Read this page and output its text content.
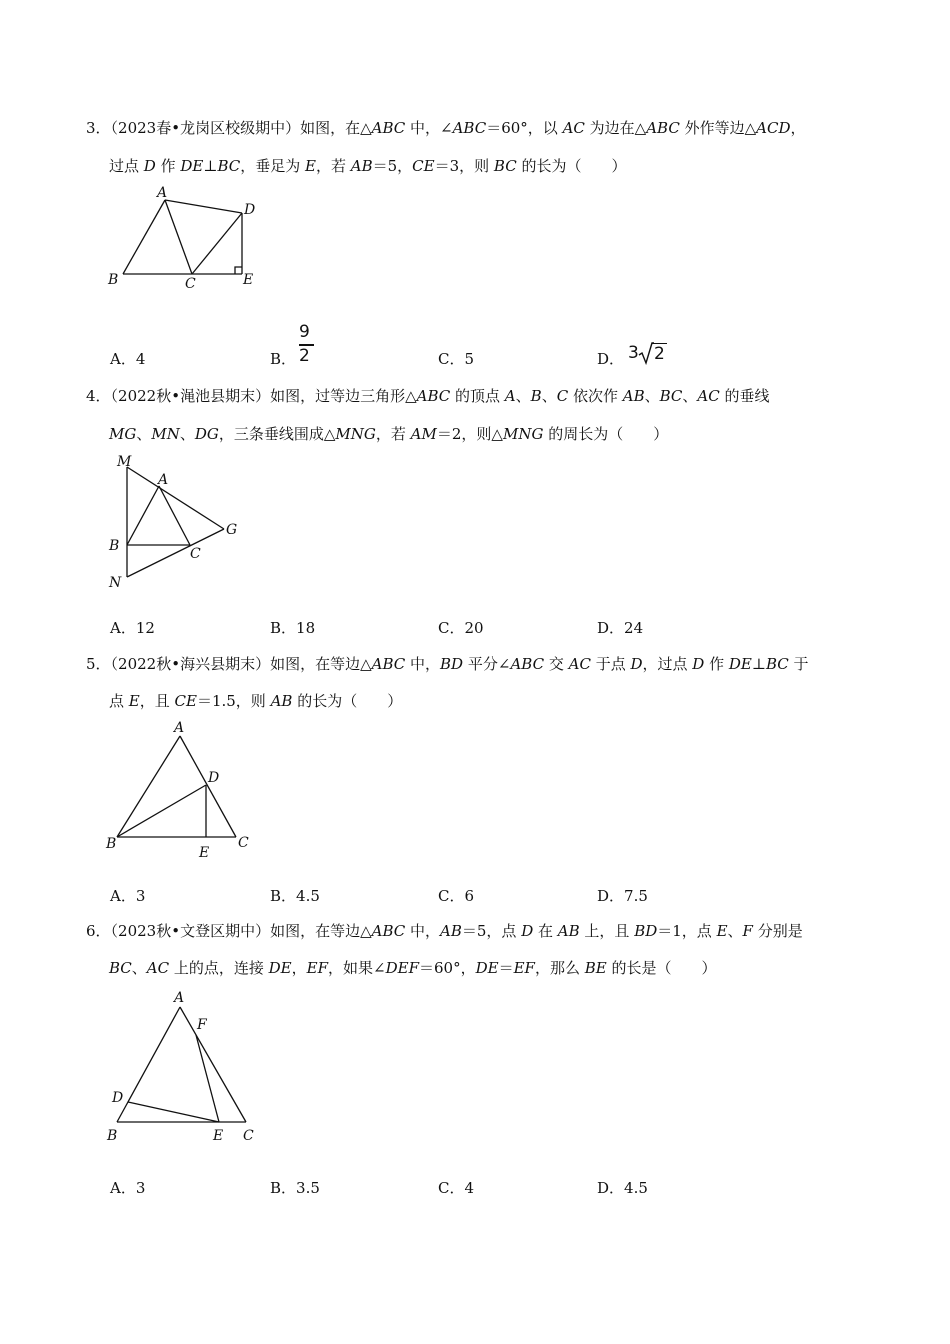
3．（2023春•龙岗区校级期中）如图，在△ABC 中，∠ABC＝60°，以 AC 为边在△ABC 外作等边△ACD，
过点 D 作 DE⊥BC，垂足为 E，若 AB＝5，CE＝3，则 BC 的长为（　　）
A
B	C
D
E
A．4	B．
9
2	C．5	D． 3 2
4．（2022秋•渑池县期末）如图，过等边三角形△ABC 的顶点 A、B、C 依次作 AB、BC、AC 的垂线
MG、MN、DG，三条垂线围成△MNG，若 AM＝2，则△MNG 的周长为（　　）
M
A
G
B	C
N
A．12	B．18	C．20	D．24
5．（2022秋•海兴县期末）如图，在等边△ABC 中，BD 平分∠ABC 交 AC 于点 D，过点 D 作 DE⊥BC 于
点 E，且 CE＝1.5，则 AB 的长为（　　）
A
D
B
E
C
A．3	B．4.5	C．6	D．7.5
6．（2023秋•文登区期中）如图，在等边△ABC 中，AB＝5，点 D 在 AB 上，且 BD＝1，点 E、F 分别是
BC、AC 上的点，连接 DE，EF，如果∠DEF＝60°，DE＝EF，那么 BE 的长是（　　）
A
F
D
B	E C
A．3	B．3.5	C．4	D．4.5
